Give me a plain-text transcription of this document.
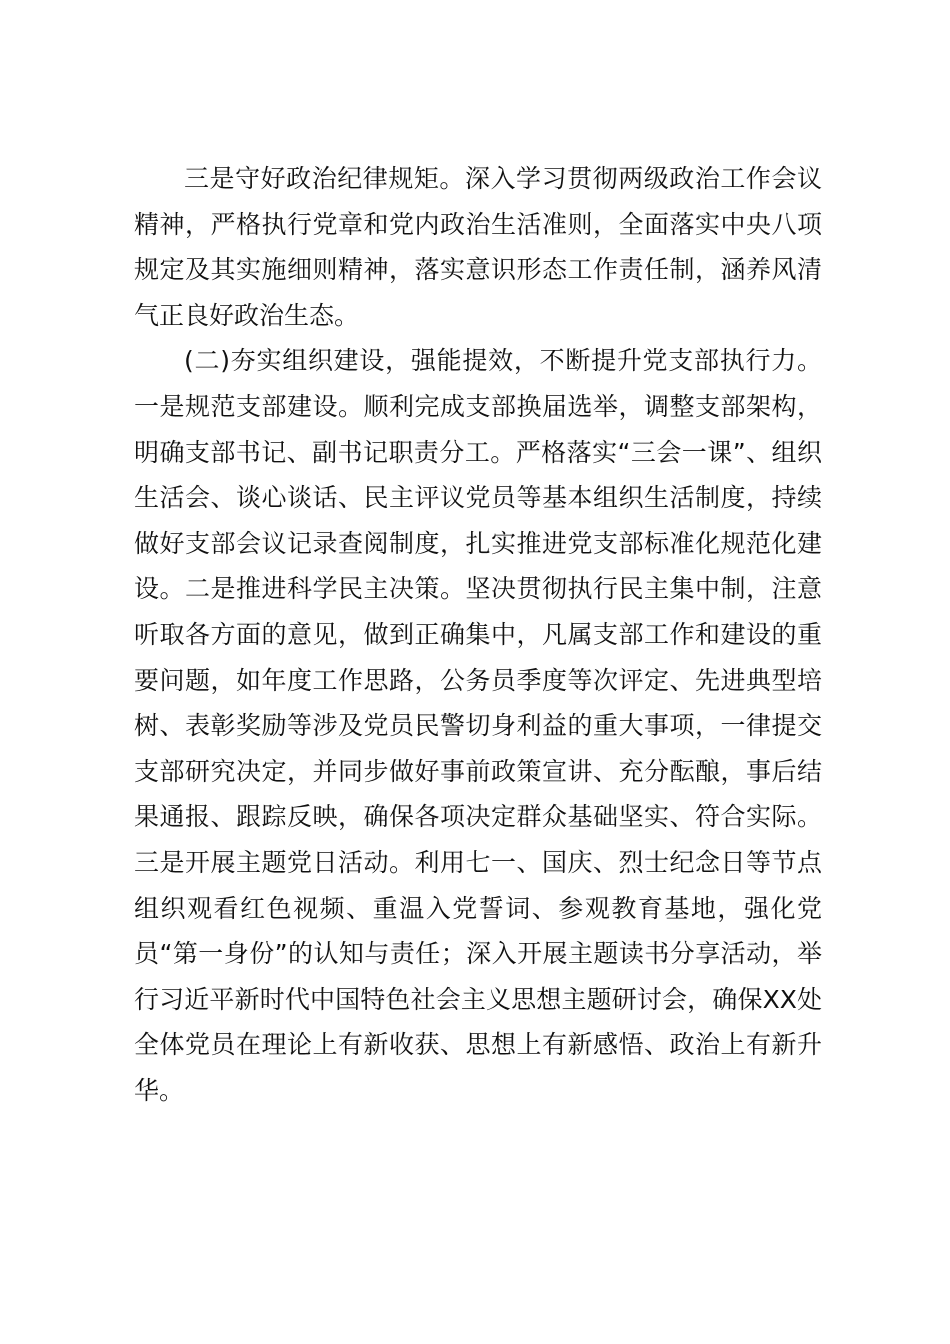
三是守好政治纪律规矩。深入学习贯彻两级政治工作会议精神，严格执行党章和党内政治生活准则，全面落实中央八项规定及其实施细则精神，落实意识形态工作责任制，涵养风清气正良好政治生态。

(二)夯实组织建设，强能提效，不断提升党支部执行力。一是规范支部建设。顺利完成支部换届选举，调整支部架构，明确支部书记、副书记职责分工。严格落实“三会一课”、组织生活会、谈心谈话、民主评议党员等基本组织生活制度，持续做好支部会议记录查阅制度，扎实推进党支部标准化规范化建设。二是推进科学民主决策。坚决贯彻执行民主集中制，注意听取各方面的意见，做到正确集中，凡属支部工作和建设的重要问题，如年度工作思路，公务员季度等次评定、先进典型培树、表彰奖励等涉及党员民警切身利益的重大事项，一律提交支部研究决定，并同步做好事前政策宣讲、充分酝酿，事后结果通报、跟踪反映，确保各项决定群众基础坚实、符合实际。三是开展主题党日活动。利用七一、国庆、烈士纪念日等节点组织观看红色视频、重温入党誓词、参观教育基地，强化党员“第一身份”的认知与责任；深入开展主题读书分享活动，举行习近平新时代中国特色社会主义思想主题研讨会，确保XX处全体党员在理论上有新收获、思想上有新感悟、政治上有新升华。
